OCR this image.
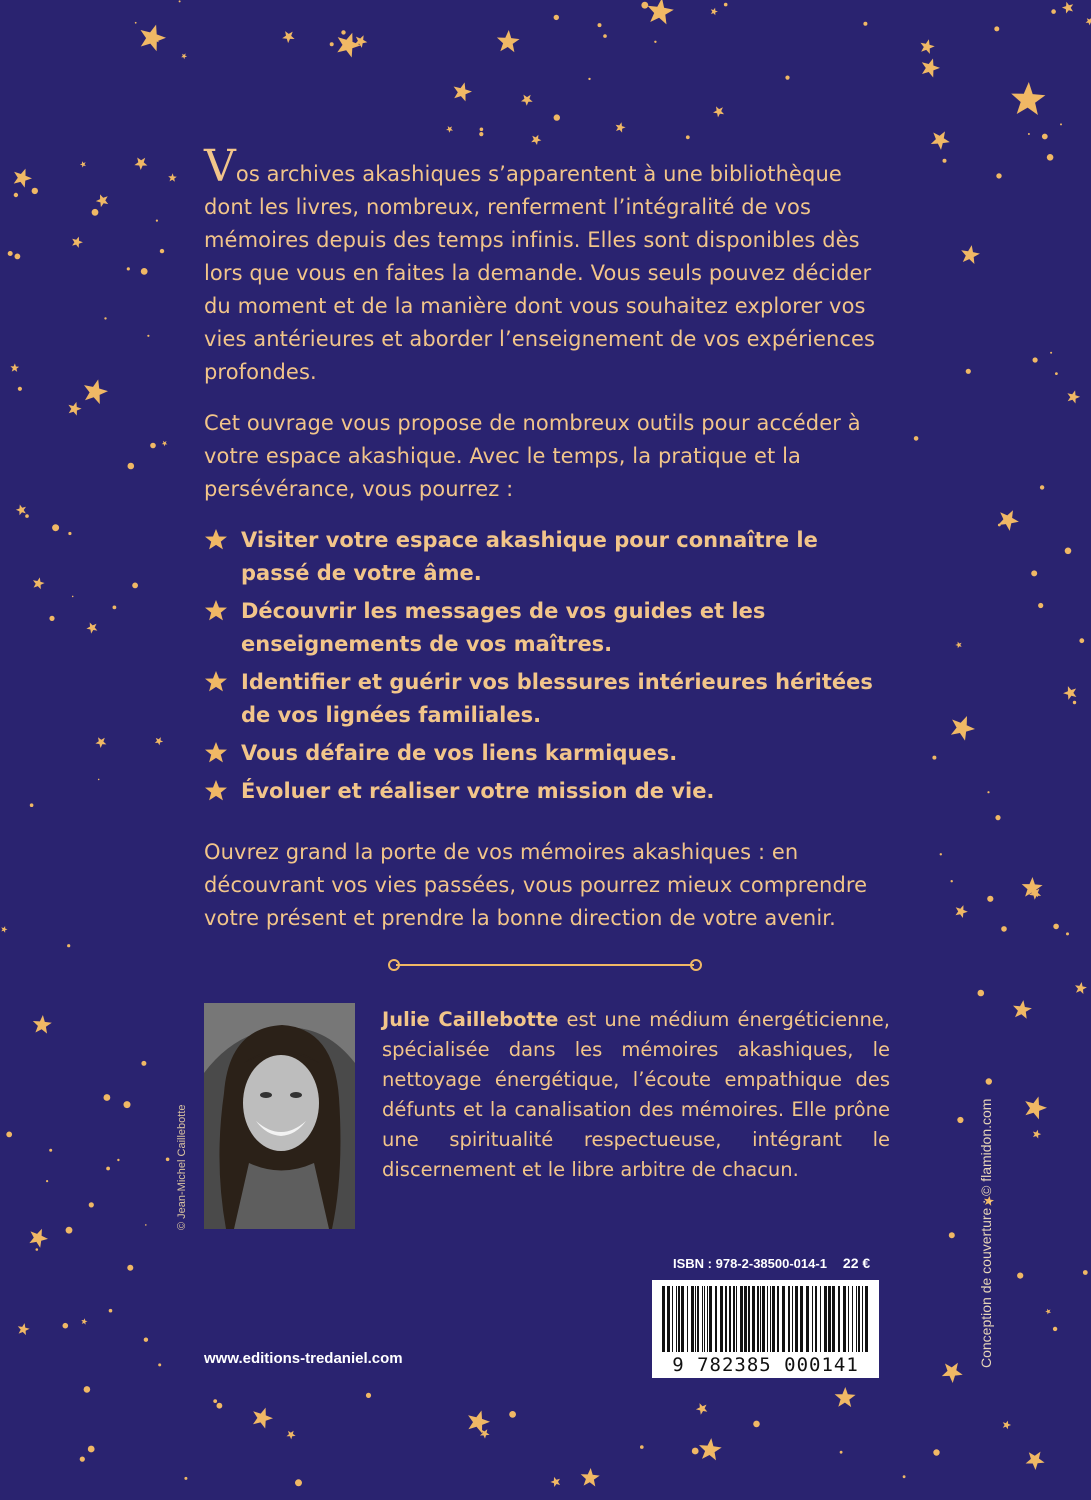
Vos archives akashiques s’apparentent à une bibliothèque dont les livres, nombreux, renferment l’intégralité de vos mémoires depuis des temps infinis. Elles sont disponibles dès lors que vous en faites la demande. Vous seuls pouvez décider du moment et de la manière dont vous souhaitez explorer vos vies antérieures et aborder l’enseignement de vos expériences profondes.

Cet ouvrage vous propose de nombreux outils pour accéder à votre espace akashique. Avec le temps, la pratique et la persévérance, vous pourrez :

Visiter votre espace akashique pour connaître le passé de votre âme.
Découvrir les messages de vos guides et les enseignements de vos maîtres.
Identifier et guérir vos blessures intérieures héritées de vos lignées familiales.
Vous défaire de vos liens karmiques.
Évoluer et réaliser votre mission de vie.

Ouvrez grand la porte de vos mémoires akashiques : en découvrant vos vies passées, vous pourrez mieux comprendre votre présent et prendre la bonne direction de votre avenir.

© Jean-Michel Caillebotte

Julie Caillebotte est une médium énergéticienne, spécialisée dans les mémoires akashiques, le nettoyage énergétique, l’écoute empathique des défunts et la canalisation des mémoires. Elle prône une spiritualité respectueuse, intégrant le discernement et le libre arbitre de chacun.

ISBN : 978-2-38500-014-1 22 €
9 782385 000141
www.editions-tredaniel.com	Conception de couverture : © flamidon.com
